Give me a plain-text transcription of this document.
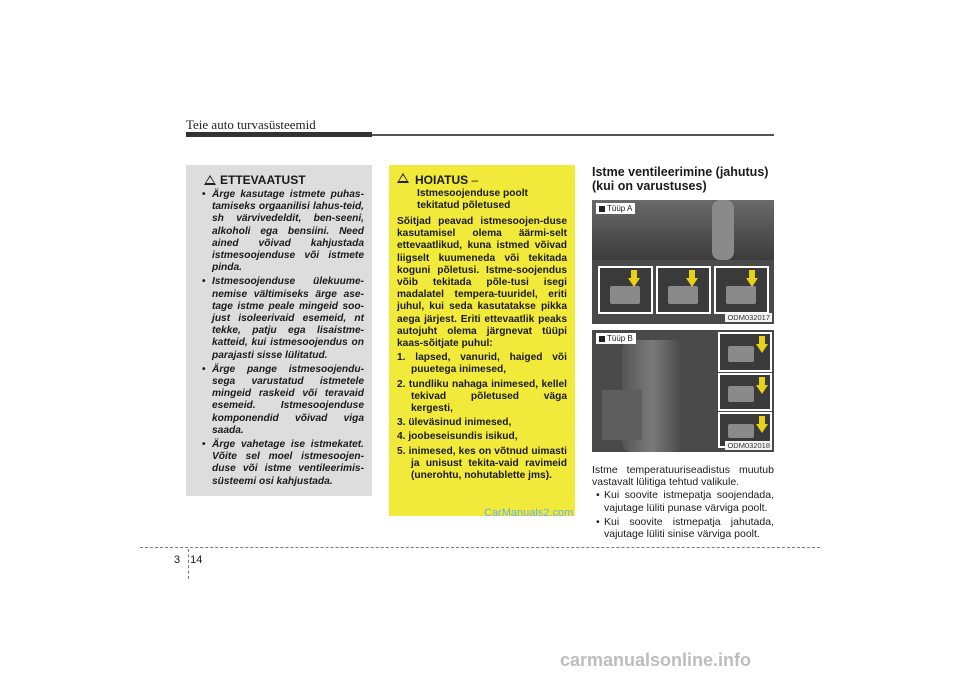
Teie auto turvasüsteemid
ETTEVAATUST
• Ärge kasutage istmete puhas-tamiseks orgaanilisi lahus-teid, sh värvivedeldit, ben-seeni, alkoholi ega bensiini. Need ained võivad kahjustada istmesoojenduse või istmete pinda.
• Istmesoojenduse ülekuume-nemise vältimiseks ärge ase-tage istme peale mingeid soo-just isoleerivaid esemeid, nt tekke, patju ega lisaistme-katteid, kui istmesoojendus on parajasti sisse lülitatud.
• Ärge pange istmesoojendu-sega varustatud istmetele mingeid raskeid või teravaid esemeid. Istmesoojenduse komponendid võivad viga saada.
• Ärge vahetage ise istmekatet. Võite sel moel istmesoojen-duse või istme ventileerimis-süsteemi osi kahjustada.
HOIATUS –
Istmesoojenduse poolt tekitatud põletused
Sõitjad peavad istmesoojen-duse kasutamisel olema äärmi-selt ettevaatlikud, kuna istmed võivad liigselt kuumeneda või tekitada koguni põletusi. Istme-soojendus võib tekitada põle-tusi isegi madalatel tempera-tuuridel, eriti juhul, kui seda kasutatakse pikka aega järjest. Eriti ettevaatlik peaks autojuht olema järgnevat tüüpi kaas-sõitjate puhul:
1. lapsed, vanurid, haiged või puuetega inimesed,
2. tundliku nahaga inimesed, kellel tekivad põletused väga kergesti,
3. üleväsinud inimesed,
4. joobeseisundis isikud,
5. inimesed, kes on võtnud uimasti ja unisust tekita-vaid ravimeid (unerohtu, nohutablette jms).
Istme ventileerimine (jahutus) (kui on varustuses)
Tüüp A
ODM032017
Tüüp B
ODM032018
Istme temperatuuriseadistus muutub vastavalt lülitiga tehtud valikule.
• Kui soovite istmepatja soojendada, vajutage lüliti punase värviga poolt.
• Kui soovite istmepatja jahutada, vajutage lüliti sinise värviga poolt.
CarManuals2.com
3 14
carmanualsonline.info
